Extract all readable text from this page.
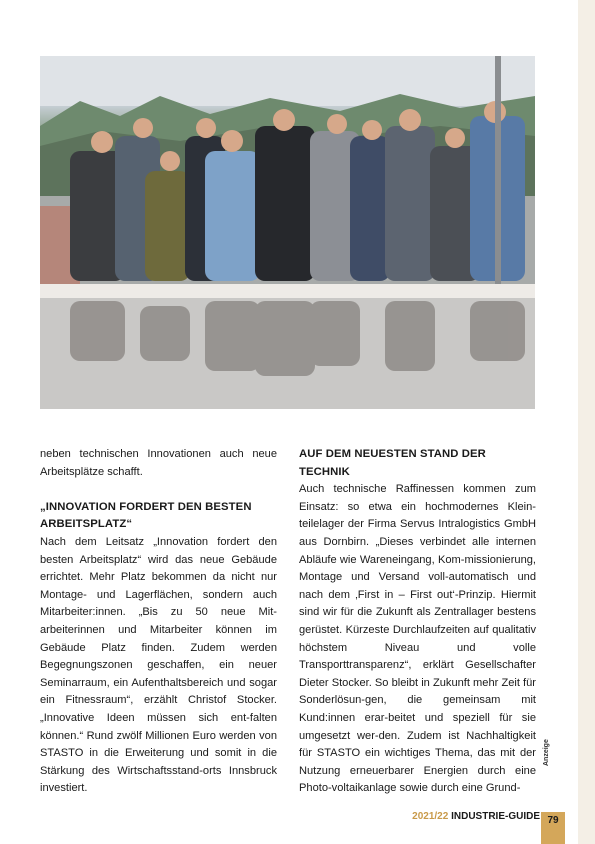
neben technischen Innovationen auch neue Arbeitsplätze schafft.

„INNOVATION FORDERT DEN BESTEN ARBEITSPLATZ“

Nach dem Leitsatz „Innovation fordert den besten Arbeitsplatz“ wird das neue Gebäude errichtet. Mehr Platz bekommen da nicht nur Montage- und Lagerflächen, sondern auch Mitarbeiter:innen. „Bis zu 50 neue Mit-arbeiterinnen und Mitarbeiter können im Gebäude Platz finden. Zudem werden Begegnungszonen geschaffen, ein neuer Seminarraum, ein Aufenthaltsbereich und sogar ein Fitnessraum“, erzählt Christof Stocker. „Innovative Ideen müssen sich ent-falten können.“ Rund zwölf Millionen Euro werden von STASTO in die Erweiterung und somit in die Stärkung des Wirtschaftsstand-orts Innsbruck investiert.

AUF DEM NEUESTEN STAND DER TECHNIK

Auch technische Raffinessen kommen zum Einsatz: so etwa ein hochmodernes Klein-teilelager der Firma Servus Intralogistics GmbH aus Dornbirn. „Dieses verbindet alle internen Abläufe wie Wareneingang, Kom-missionierung, Montage und Versand voll-automatisch und nach dem ‚First in – First out‘-Prinzip. Hiermit sind wir für die Zukunft als Zentrallager bestens gerüstet. Kürzeste Durchlaufzeiten auf qualitativ höchstem Niveau und volle Transporttransparenz“, erklärt Gesellschafter Dieter Stocker. So bleibt in Zukunft mehr Zeit für Sonderlösun-gen, die gemeinsam mit Kund:innen erar-beitet und speziell für sie umgesetzt wer-den. Zudem ist Nachhaltigkeit für STASTO ein wichtiges Thema, das mit der Nutzung erneuerbarer Energien durch eine Photo-voltaikanlage sowie durch eine Grund-

Anzeige
2021/22 INDUSTRIE-GUIDE 79
